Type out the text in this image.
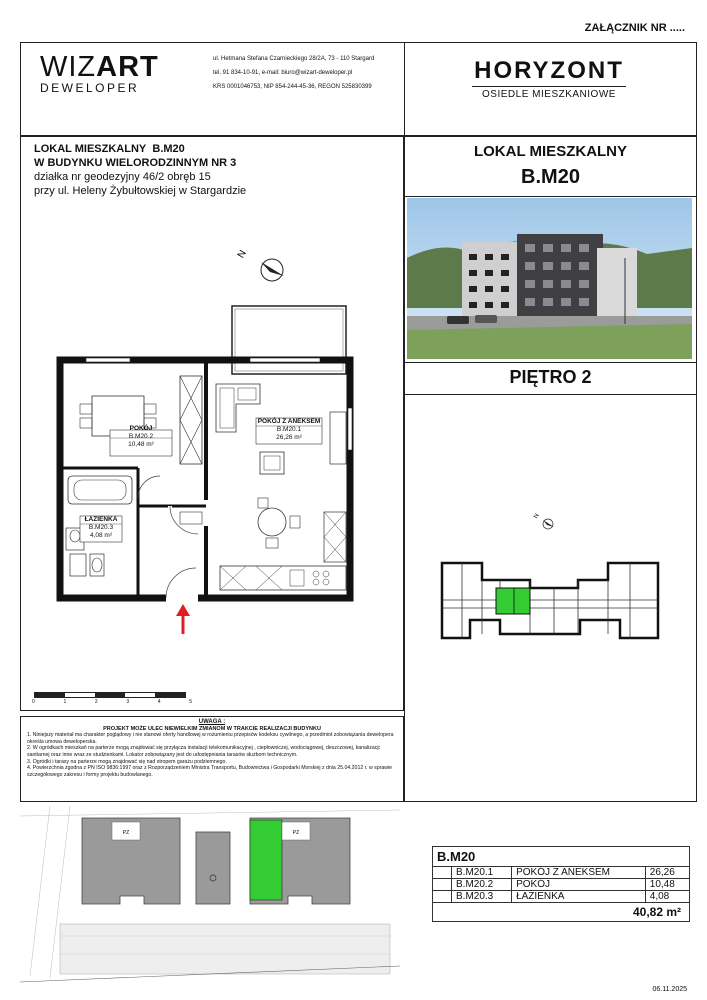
ZAŁĄCZNIK NR .....
WIZART
DEWELOPER
ul. Hetmana Stefana Czarnieckiego 28/2A, 73 - 110 Stargard
tel. 91 834-10-91, e-mail: biuro@wizart-deweloper.pl
KRS 0001046753, NIP 854-244-45-36, REGON 525830399
HORYZONT
OSIEDLE MIESZKANIOWE
LOKAL MIESZKALNY B.M20
W BUDYNKU WIELORODZINNYM NR 3
działka nr geodezyjny 46/2 obręb 15
przy ul. Heleny Żybułtowskiej w Stargardzie
N
POKÓJ
B.M20.2
10,48 m²
POKÓJ Z ANEKSEM
B.M20.1
26,26 m²
ŁAZIENKA
B.M20.3
4,08 m²
0	1	2	3	4	5

UWAGA :

PROJEKT MOŻE ULEC NIEWIELKIM ZMIANOM W TRAKCIE REALIZACJI BUDYNKU

1. Niniejszy materiał ma charakter poglądowy i nie stanowi oferty handlowej w rozumieniu przepisów kodeksu cywilnego, a przedmiot zobowiązania dewelopera określa umowa deweloperska.

2. W ogródkach mieszkań na parterze mogą znajdować się przyłącza instalacji telekomunikacyjnej , ciepłowniczej, wodociągowej, deszczowej, kanalizacji sanitarnej oraz inne wraz ze studzienkami. Lokator zobowiązany jest do udostępniania tarasów służbom technicznym.

3. Ogródki i tarasy na parterze mogą znajdować się nad stropem garażu podziemnego.

4. Powierzchnia zgodna z PN ISO 9836:1997 oraz z Rozporządzeniem Ministra Transportu, Budownictwa i Gospodarki Morskiej z dnia 25.04.2012 r. w sprawie szczegółowego zakresu i formy projektu budowlanego.

LOKAL MIESZKALNY
B.M20
PIĘTRO 2
N
B.M20
	B.M20.1	POKÓJ Z ANEKSEM	26,26
	B.M20.2	POKÓJ	10,48
	B.M20.3	ŁAZIENKA	4,08
40,82 m²			
PZ	PZ
06.11.2025
